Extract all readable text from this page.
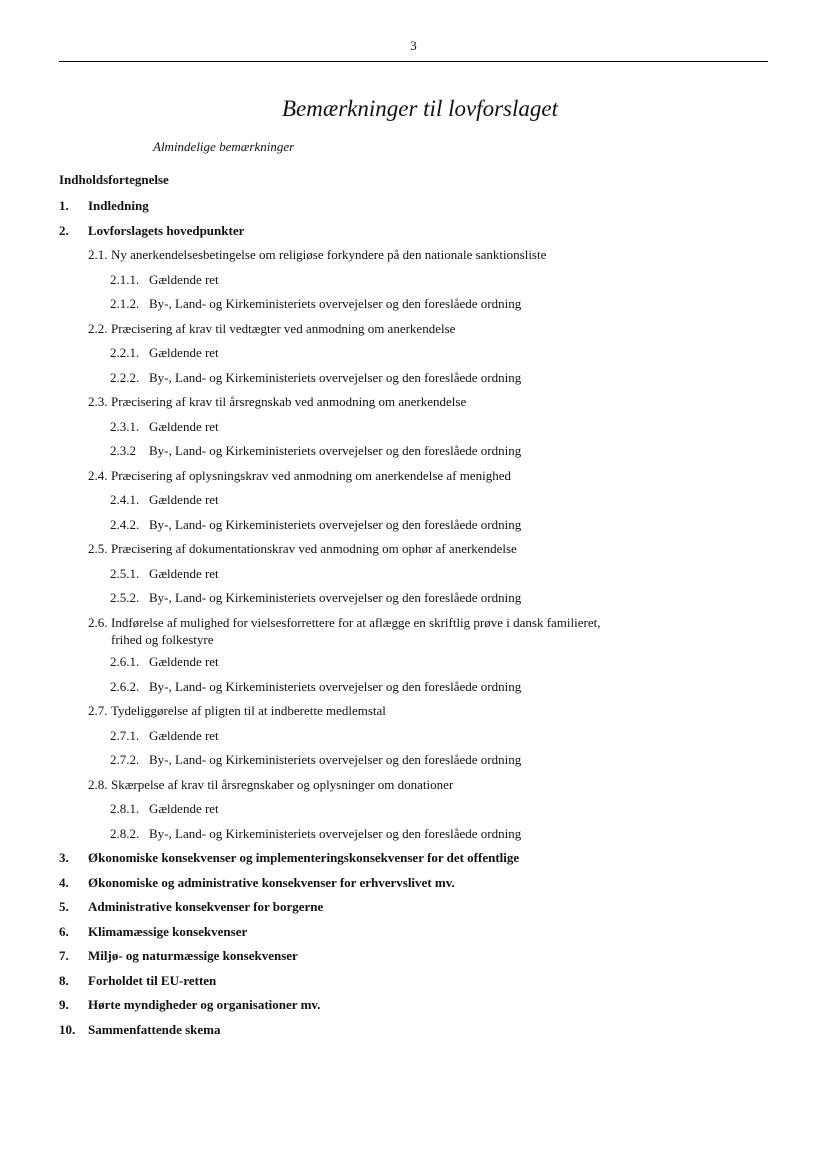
3
Bemærkninger til lovforslaget
Almindelige bemærkninger
Indholdsfortegnelse
1. Indledning
2. Lovforslagets hovedpunkter
2.1. Ny anerkendelsesbetingelse om religiøse forkyndere på den nationale sanktionsliste
2.1.1. Gældende ret
2.1.2. By-, Land- og Kirkeministeriets overvejelser og den foreslåede ordning
2.2. Præcisering af krav til vedtægter ved anmodning om anerkendelse
2.2.1. Gældende ret
2.2.2. By-, Land- og Kirkeministeriets overvejelser og den foreslåede ordning
2.3. Præcisering af krav til årsregnskab ved anmodning om anerkendelse
2.3.1. Gældende ret
2.3.2 By-, Land- og Kirkeministeriets overvejelser og den foreslåede ordning
2.4. Præcisering af oplysningskrav ved anmodning om anerkendelse af menighed
2.4.1. Gældende ret
2.4.2. By-, Land- og Kirkeministeriets overvejelser og den foreslåede ordning
2.5. Præcisering af dokumentationskrav ved anmodning om ophør af anerkendelse
2.5.1. Gældende ret
2.5.2. By-, Land- og Kirkeministeriets overvejelser og den foreslåede ordning
2.6. Indførelse af mulighed for vielsesforrettere for at aflægge en skriftlig prøve i dansk familieret,
frihed og folkestyre
2.6.1. Gældende ret
2.6.2. By-, Land- og Kirkeministeriets overvejelser og den foreslåede ordning
2.7. Tydeliggørelse af pligten til at indberette medlemstal
2.7.1. Gældende ret
2.7.2. By-, Land- og Kirkeministeriets overvejelser og den foreslåede ordning
2.8. Skærpelse af krav til årsregnskaber og oplysninger om donationer
2.8.1. Gældende ret
2.8.2. By-, Land- og Kirkeministeriets overvejelser og den foreslåede ordning
3. Økonomiske konsekvenser og implementeringskonsekvenser for det offentlige
4. Økonomiske og administrative konsekvenser for erhvervslivet mv.
5. Administrative konsekvenser for borgerne
6. Klimamæssige konsekvenser
7. Miljø- og naturmæssige konsekvenser
8. Forholdet til EU-retten
9. Hørte myndigheder og organisationer mv.
10. Sammenfattende skema
